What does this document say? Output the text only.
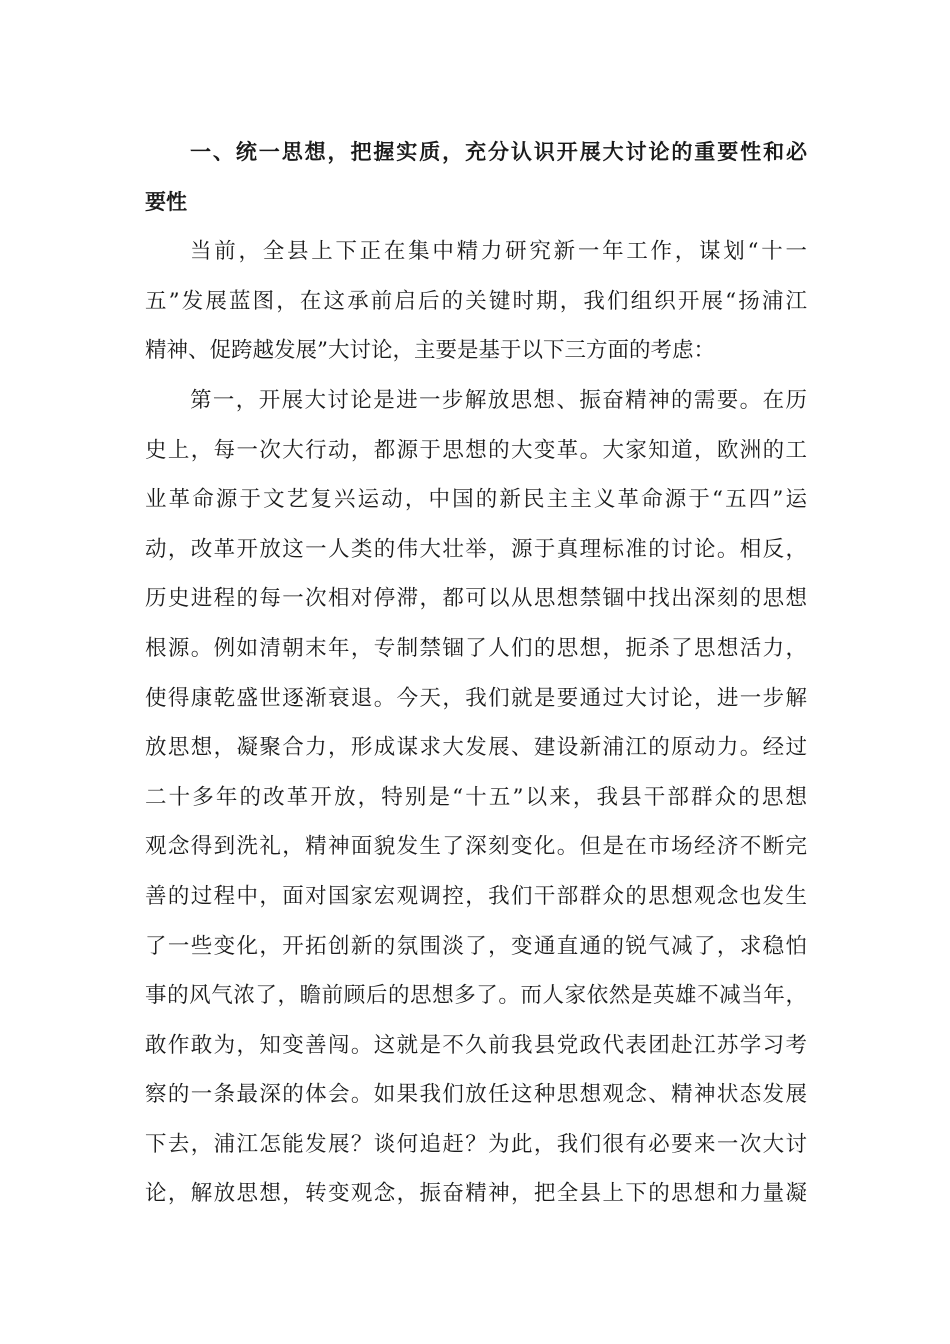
一、统一思想，把握实质，充分认识开展大讨论的重要性和必
要性
当前，全县上下正在集中精力研究新一年工作，谋划“十一
五”发展蓝图，在这承前启后的关键时期，我们组织开展“扬浦江
精神、促跨越发展”大讨论，主要是基于以下三方面的考虑：
第一，开展大讨论是进一步解放思想、振奋精神的需要。在历
史上，每一次大行动，都源于思想的大变革。大家知道，欧洲的工
业革命源于文艺复兴运动，中国的新民主主义革命源于“五四”运
动，改革开放这一人类的伟大壮举，源于真理标准的讨论。相反，
历史进程的每一次相对停滞，都可以从思想禁锢中找出深刻的思想
根源。例如清朝末年，专制禁锢了人们的思想，扼杀了思想活力，
使得康乾盛世逐渐衰退。今天，我们就是要通过大讨论，进一步解
放思想，凝聚合力，形成谋求大发展、建设新浦江的原动力。经过
二十多年的改革开放，特别是“十五”以来，我县干部群众的思想
观念得到洗礼，精神面貌发生了深刻变化。但是在市场经济不断完
善的过程中，面对国家宏观调控，我们干部群众的思想观念也发生
了一些变化，开拓创新的氛围淡了，变通直通的锐气减了，求稳怕
事的风气浓了，瞻前顾后的思想多了。而人家依然是英雄不减当年，
敢作敢为，知变善闯。这就是不久前我县党政代表团赴江苏学习考
察的一条最深的体会。如果我们放任这种思想观念、精神状态发展
下去，浦江怎能发展？谈何追赶？为此，我们很有必要来一次大讨
论，解放思想，转变观念，振奋精神，把全县上下的思想和力量凝
